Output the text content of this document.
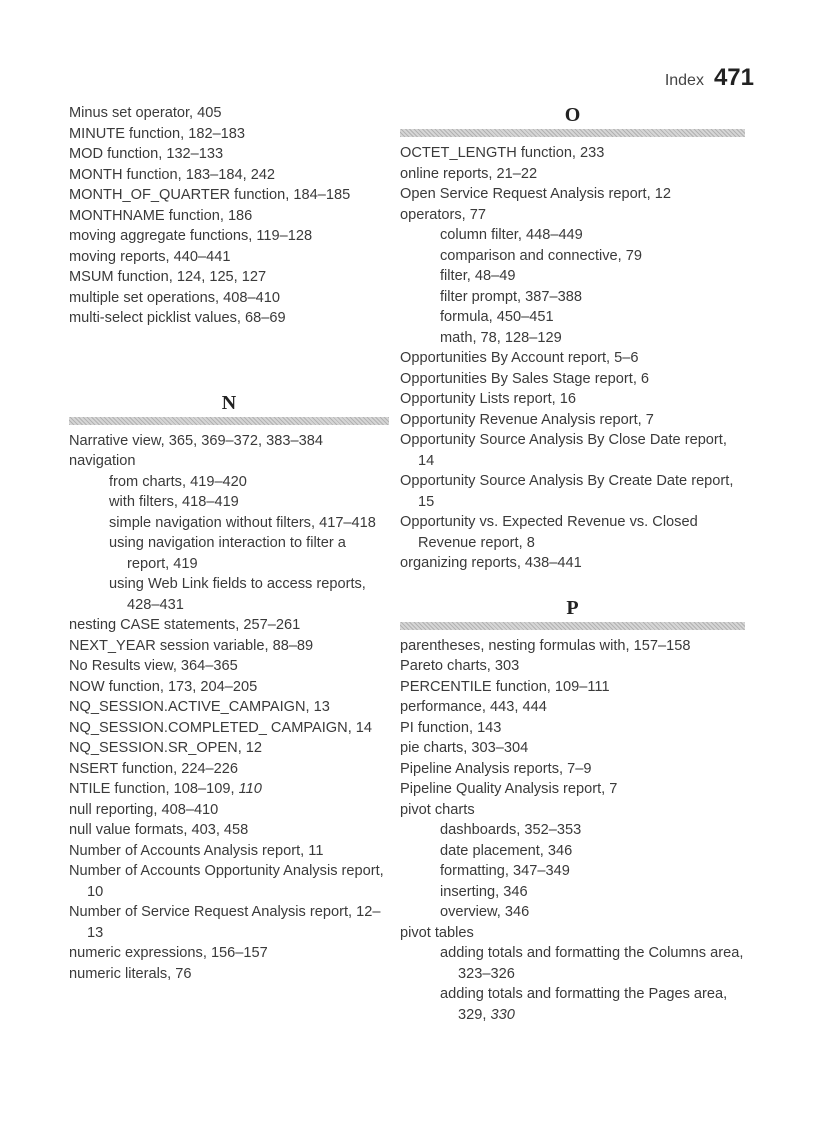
Index 471
Minus set operator, 405
MINUTE function, 182–183
MOD function, 132–133
MONTH function, 183–184, 242
MONTH_OF_QUARTER function, 184–185
MONTHNAME function, 186
moving aggregate functions, 119–128
moving reports, 440–441
MSUM function, 124, 125, 127
multiple set operations, 408–410
multi-select picklist values, 68–69
N
Narrative view, 365, 369–372, 383–384
navigation
from charts, 419–420
with filters, 418–419
simple navigation without filters, 417–418
using navigation interaction to filter a report, 419
using Web Link fields to access reports, 428–431
nesting CASE statements, 257–261
NEXT_YEAR session variable, 88–89
No Results view, 364–365
NOW function, 173, 204–205
NQ_SESSION.ACTIVE_CAMPAIGN, 13
NQ_SESSION.COMPLETED_ CAMPAIGN, 14
NQ_SESSION.SR_OPEN, 12
NSERT function, 224–226
NTILE function, 108–109, 110
null reporting, 408–410
null value formats, 403, 458
Number of Accounts Analysis report, 11
Number of Accounts Opportunity Analysis report, 10
Number of Service Request Analysis report, 12–13
numeric expressions, 156–157
numeric literals, 76
O
OCTET_LENGTH function, 233
online reports, 21–22
Open Service Request Analysis report, 12
operators, 77
column filter, 448–449
comparison and connective, 79
filter, 48–49
filter prompt, 387–388
formula, 450–451
math, 78, 128–129
Opportunities By Account report, 5–6
Opportunities By Sales Stage report, 6
Opportunity Lists report, 16
Opportunity Revenue Analysis report, 7
Opportunity Source Analysis By Close Date report, 14
Opportunity Source Analysis By Create Date report, 15
Opportunity vs. Expected Revenue vs. Closed Revenue report, 8
organizing reports, 438–441
P
parentheses, nesting formulas with, 157–158
Pareto charts, 303
PERCENTILE function, 109–111
performance, 443, 444
PI function, 143
pie charts, 303–304
Pipeline Analysis reports, 7–9
Pipeline Quality Analysis report, 7
pivot charts
dashboards, 352–353
date placement, 346
formatting, 347–349
inserting, 346
overview, 346
pivot tables
adding totals and formatting the Columns area, 323–326
adding totals and formatting the Pages area, 329, 330
